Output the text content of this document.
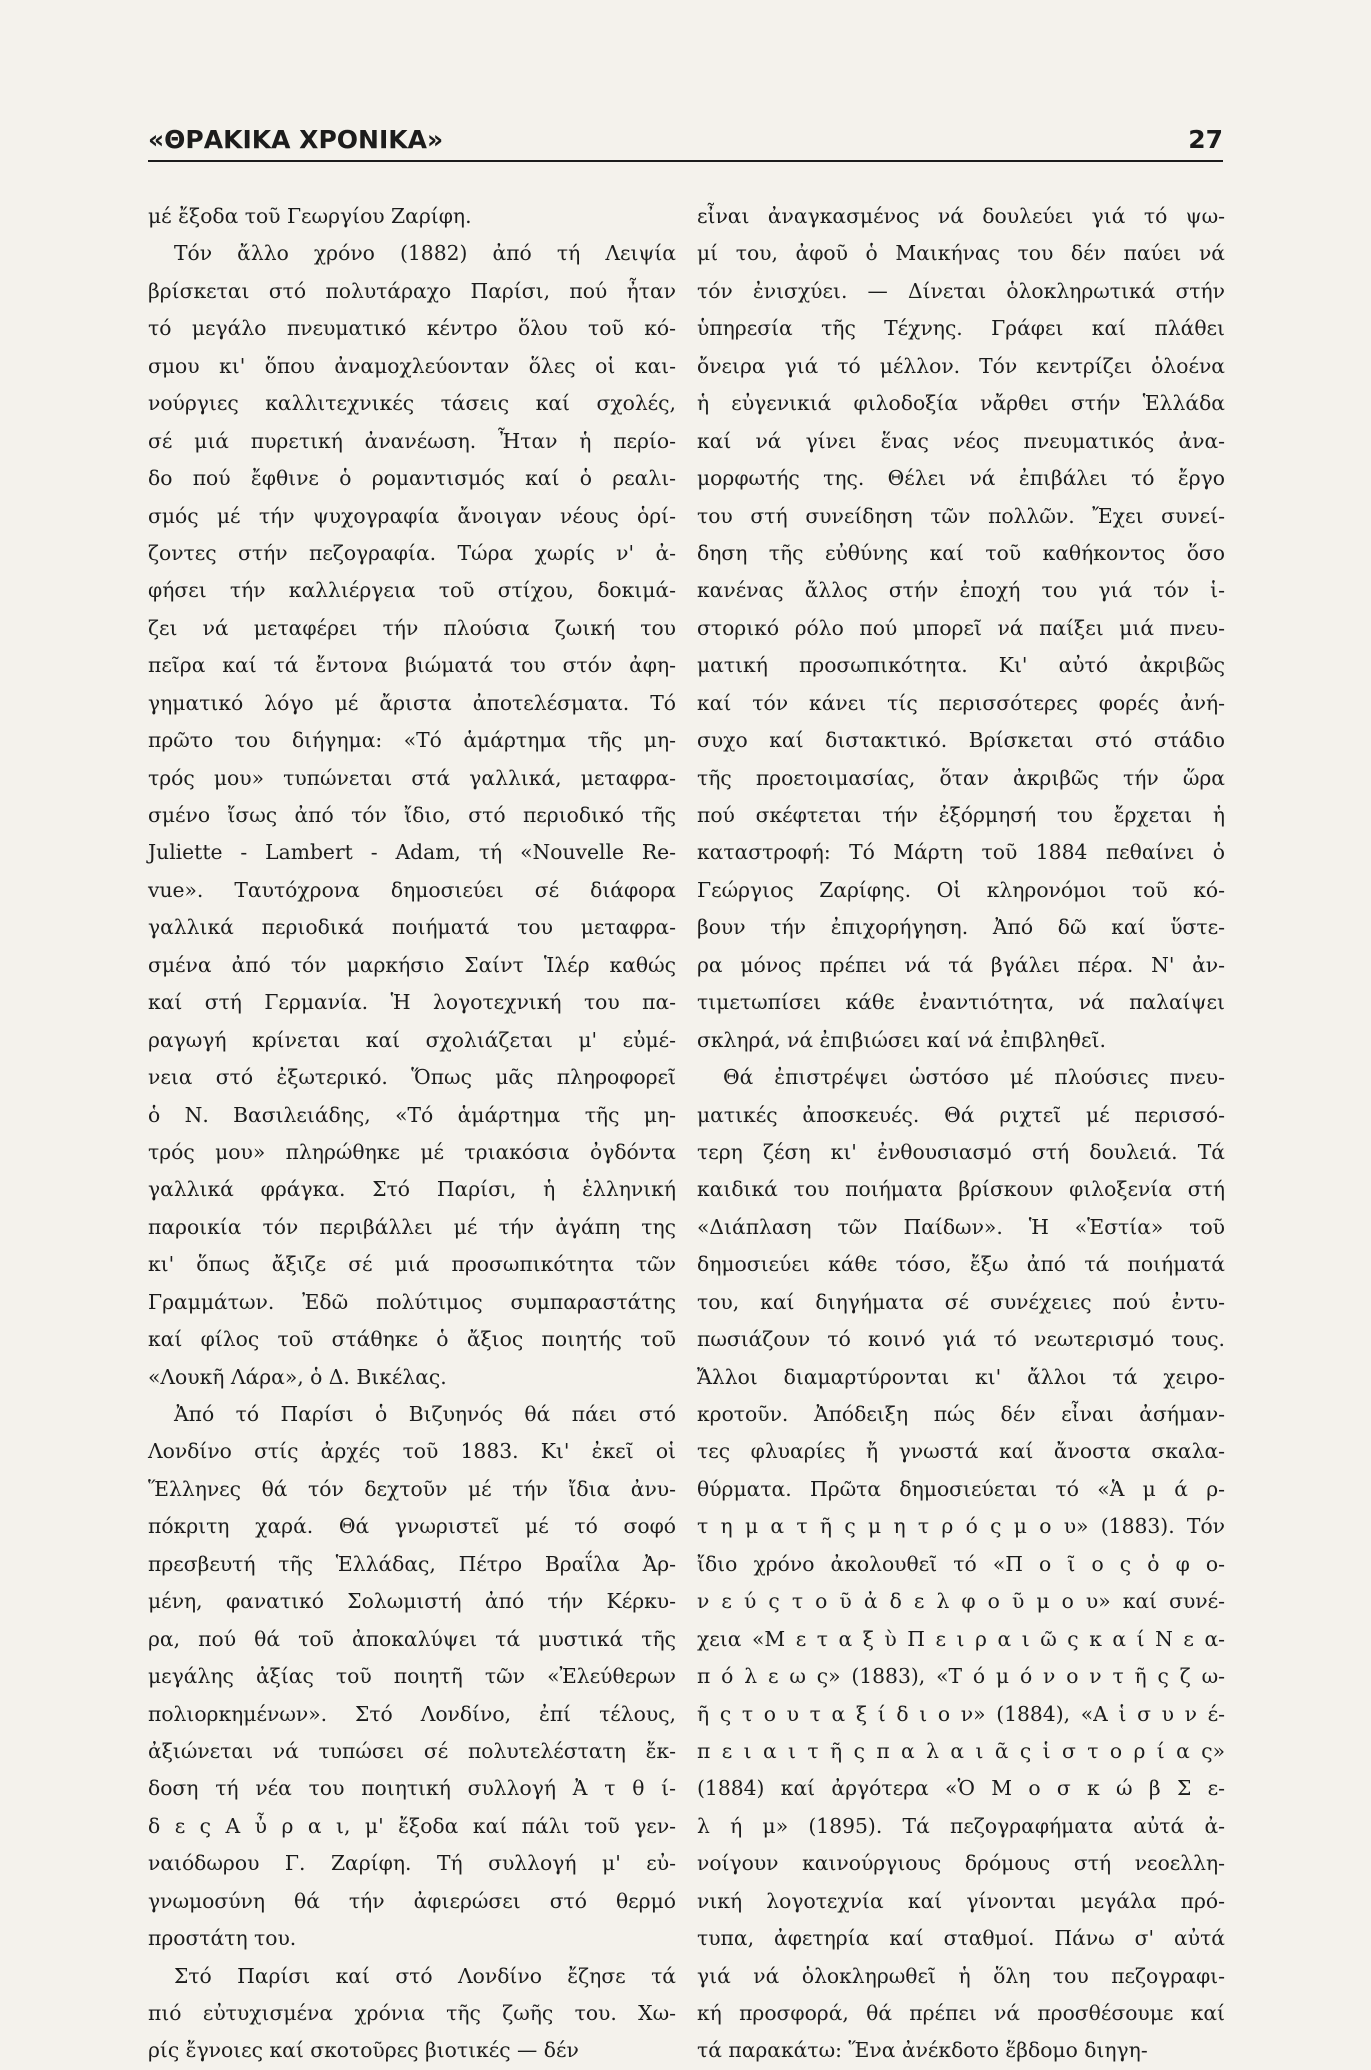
«ΘΡΑΚΙΚΑ ΧΡΟΝΙΚΑ»	27
μέ ἔξοδα τοῦ Γεωργίου Ζαρίφη.
Τόν ἄλλο χρόνο (1882) ἀπό τή Λειψία
βρίσκεται στό πολυτάραχο Παρίσι, πού ἦταν
τό μεγάλο πνευματικό κέντρο ὅλου τοῦ κό-
σμου κι' ὅπου ἀναμοχλεύονταν ὅλες οἱ και-
νούργιες καλλιτεχνικές τάσεις καί σχολές,
σέ μιά πυρετική ἀνανέωση. Ἦταν ἡ περίο-
δο πού ἔφθινε ὁ ρομαντισμός καί ὁ ρεαλι-
σμός μέ τήν ψυχογραφία ἄνοιγαν νέους ὁρί-
ζοντες στήν πεζογραφία. Τώρα χωρίς ν' ἀ-
φήσει τήν καλλιέργεια τοῦ στίχου, δοκιμά-
ζει νά μεταφέρει τήν πλούσια ζωική του
πεῖρα καί τά ἔντονα βιώματά του στόν ἀφη-
γηματικό λόγο μέ ἄριστα ἀποτελέσματα. Τό
πρῶτο του διήγημα: «Τό ἁμάρτημα τῆς μη-
τρός μου» τυπώνεται στά γαλλικά, μεταφρα-
σμένο ἴσως ἀπό τόν ἴδιο, στό περιοδικό τῆς
Juliette - Lambert - Adam, τή «Nouvelle Re-
vue». Ταυτόχρονα δημοσιεύει σέ διάφορα
γαλλικά περιοδικά ποιήματά του μεταφρα-
σμένα ἀπό τόν μαρκήσιο Σαίντ Ἱλέρ καθώς
καί στή Γερμανία. Ἡ λογοτεχνική του πα-
ραγωγή κρίνεται καί σχολιάζεται μ' εὐμέ-
νεια στό ἐξωτερικό. Ὅπως μᾶς πληροφορεῖ
ὁ Ν. Βασιλειάδης, «Τό ἁμάρτημα τῆς μη-
τρός μου» πληρώθηκε μέ τριακόσια ὀγδόντα
γαλλικά φράγκα. Στό Παρίσι, ἡ ἑλληνική
παροικία τόν περιβάλλει μέ τήν ἀγάπη της
κι' ὅπως ἄξιζε σέ μιά προσωπικότητα τῶν
Γραμμάτων. Ἐδῶ πολύτιμος συμπαραστάτης
καί φίλος τοῦ στάθηκε ὁ ἄξιος ποιητής τοῦ
«Λουκῆ Λάρα», ὁ Δ. Βικέλας.
Ἀπό τό Παρίσι ὁ Βιζυηνός θά πάει στό
Λονδίνο στίς ἀρχές τοῦ 1883. Κι' ἐκεῖ οἱ
Ἕλληνες θά τόν δεχτοῦν μέ τήν ἴδια ἀνυ-
πόκριτη χαρά. Θά γνωριστεῖ μέ τό σοφό
πρεσβευτή τῆς Ἑλλάδας, Πέτρο Βραΐλα Ἀρ-
μένη, φανατικό Σολωμιστή ἀπό τήν Κέρκυ-
ρα, πού θά τοῦ ἀποκαλύψει τά μυστικά τῆς
μεγάλης ἀξίας τοῦ ποιητῆ τῶν «Ἐλεύθερων
πολιορκημένων». Στό Λονδίνο, ἐπί τέλους,
ἀξιώνεται νά τυπώσει σέ πολυτελέστατη ἔκ-
δοση τή νέα του ποιητική συλλογή Ἀ τ θ ί-
δ ε ς Α ὖ ρ α ι, μ' ἔξοδα καί πάλι τοῦ γεν-
ναιόδωρου Γ. Ζαρίφη. Τή συλλογή μ' εὐ-
γνωμοσύνη θά τήν ἀφιερώσει στό θερμό
προστάτη του.
Στό Παρίσι καί στό Λονδίνο ἔζησε τά
πιό εὐτυχισμένα χρόνια τῆς ζωῆς του. Χω-
ρίς ἔγνοιες καί σκοτοῦρες βιοτικές — δέν
εἶναι ἀναγκασμένος νά δουλεύει γιά τό ψω-
μί του, ἀφοῦ ὁ Μαικήνας του δέν παύει νά
τόν ἐνισχύει. — Δίνεται ὁλοκληρωτικά στήν
ὑπηρεσία τῆς Τέχνης. Γράφει καί πλάθει
ὄνειρα γιά τό μέλλον. Τόν κεντρίζει ὁλοένα
ἡ εὐγενικιά φιλοδοξία νἄρθει στήν Ἑλλάδα
καί νά γίνει ἕνας νέος πνευματικός ἀνα-
μορφωτής της. Θέλει νά ἐπιβάλει τό ἔργο
του στή συνείδηση τῶν πολλῶν. Ἔχει συνεί-
δηση τῆς εὐθύνης καί τοῦ καθήκοντος ὅσο
κανένας ἄλλος στήν ἐποχή του γιά τόν ἱ-
στορικό ρόλο πού μπορεῖ νά παίξει μιά πνευ-
ματική προσωπικότητα. Κι' αὐτό ἀκριβῶς
καί τόν κάνει τίς περισσότερες φορές ἀνή-
συχο καί διστακτικό. Βρίσκεται στό στάδιο
τῆς προετοιμασίας, ὅταν ἀκριβῶς τήν ὥρα
πού σκέφτεται τήν ἐξόρμησή του ἔρχεται ἡ
καταστροφή: Τό Μάρτη τοῦ 1884 πεθαίνει ὁ
Γεώργιος Ζαρίφης. Οἱ κληρονόμοι τοῦ κό-
βουν τήν ἐπιχορήγηση. Ἀπό δῶ καί ὕστε-
ρα μόνος πρέπει νά τά βγάλει πέρα. Ν' ἀν-
τιμετωπίσει κάθε ἐναντιότητα, νά παλαίψει
σκληρά, νά ἐπιβιώσει καί νά ἐπιβληθεῖ.
Θά ἐπιστρέψει ὡστόσο μέ πλούσιες πνευ-
ματικές ἀποσκευές. Θά ριχτεῖ μέ περισσό-
τερη ζέση κι' ἐνθουσιασμό στή δουλειά. Τά
καιδικά του ποιήματα βρίσκουν φιλοξενία στή
«Διάπλαση τῶν Παίδων». Ἡ «Ἑστία» τοῦ
δημοσιεύει κάθε τόσο, ἔξω ἀπό τά ποιήματά
του, καί διηγήματα σέ συνέχειες πού ἐντυ-
πωσιάζουν τό κοινό γιά τό νεωτερισμό τους.
Ἄλλοι διαμαρτύρονται κι' ἄλλοι τά χειρο-
κροτοῦν. Ἀπόδειξη πώς δέν εἶναι ἀσήμαν-
τες φλυαρίες ἤ γνωστά καί ἄνοστα σκαλα-
θύρματα. Πρῶτα δημοσιεύεται τό «Ἁ μ ά ρ-
τ η μ α τ ῆ ς μ η τ ρ ό ς μ ο υ» (1883). Τόν
ἴδιο χρόνο ἀκολουθεῖ τό «Π ο ῖ ο ς ὁ φ ο-
ν ε ύ ς τ ο ῦ ἀ δ ε λ φ ο ῦ μ ο υ» καί συνέ-
χεια «Μ ε τ α ξ ὺ Π ε ι ρ α ι ῶ ς κ α ί Ν ε α-
π ό λ ε ω ς» (1883), «Τ ό μ ό ν ο ν τ ῆ ς ζ ω-
ῆ ς τ ο υ τ α ξ ί δ ι ο ν» (1884), «Α ἱ σ υ ν έ-
π ε ι α ι τ ῆ ς π α λ α ι ᾶ ς ἱ σ τ ο ρ ί α ς»
(1884) καί ἀργότερα «Ὁ Μ ο σ κ ώ β Σ ε-
λ ή μ» (1895). Τά πεζογραφήματα αὐτά ἀ-
νοίγουν καινούργιους δρόμους στή νεοελλη-
νική λογοτεχνία καί γίνονται μεγάλα πρό-
τυπα, ἀφετηρία καί σταθμοί. Πάνω σ' αὐτά
γιά νά ὁλοκληρωθεῖ ἡ ὅλη του πεζογραφι-
κή προσφορά, θά πρέπει νά προσθέσουμε καί
τά παρακάτω: Ἕνα ἀνέκδοτο ἕβδομο διηγη-
